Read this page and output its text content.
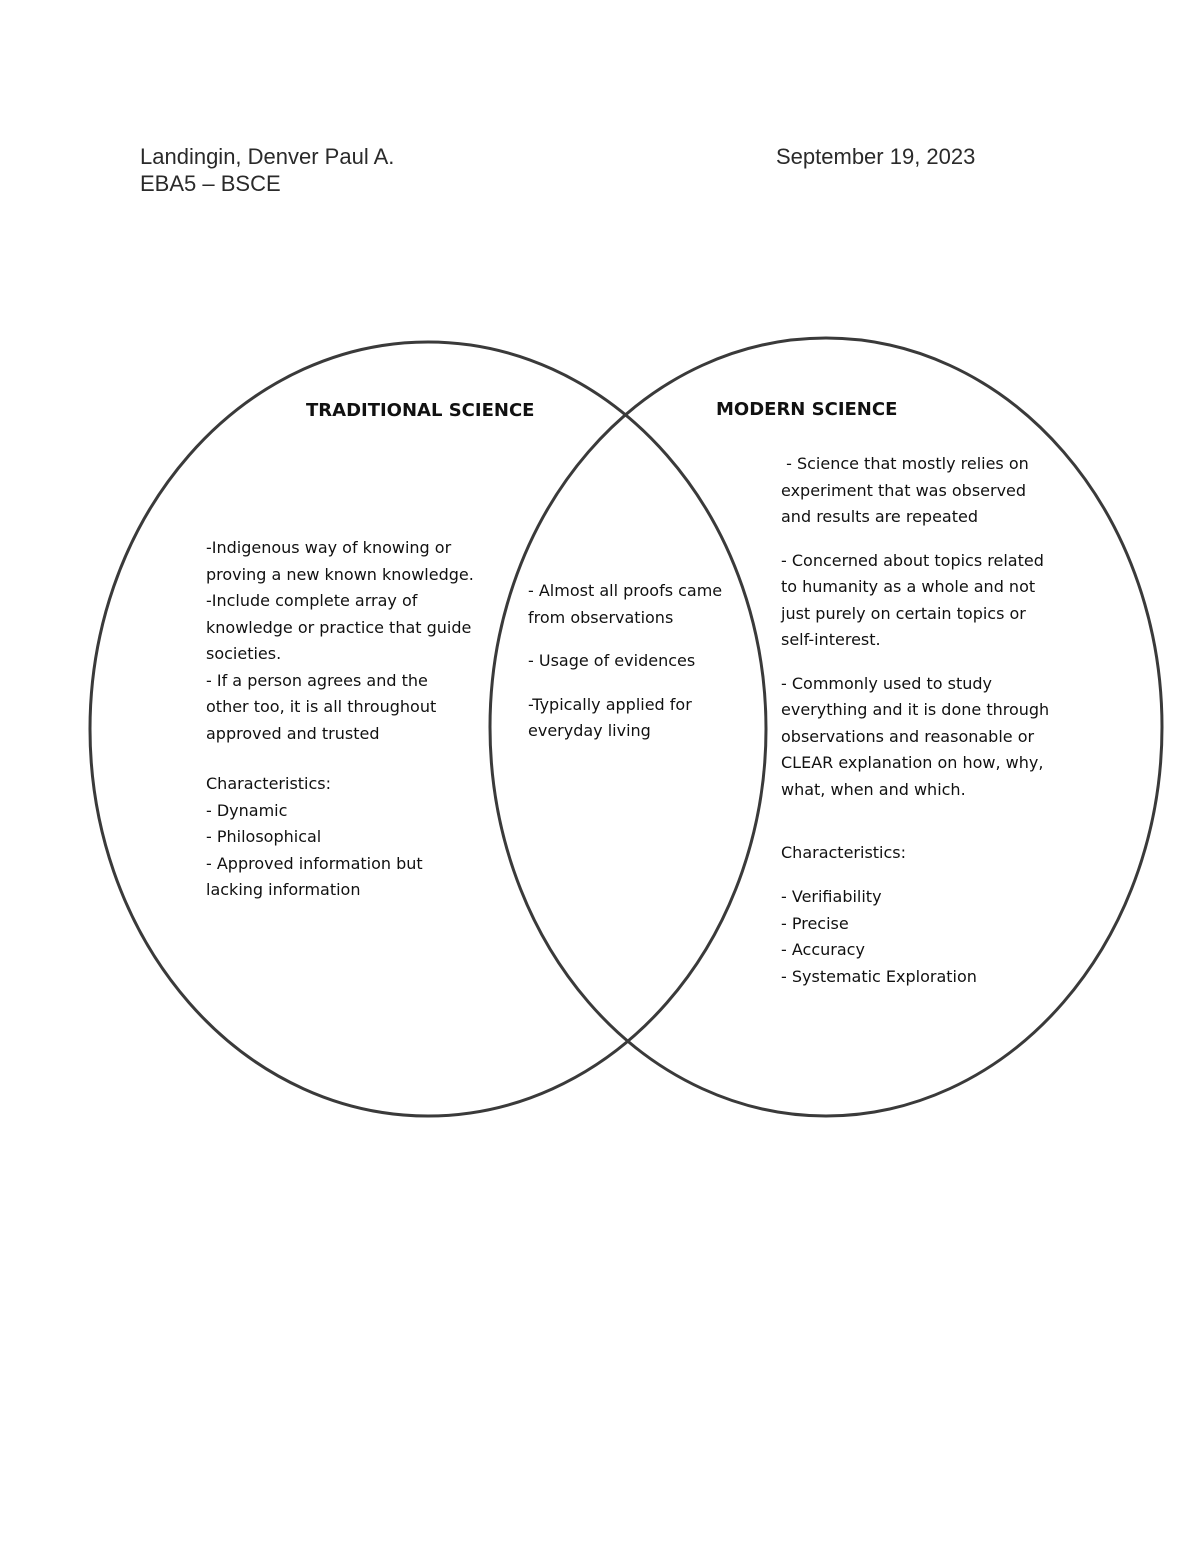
Landingin, Denver Paul A.
EBA5 – BSCE
September 19, 2023
TRADITIONAL SCIENCE	MODERN SCIENCE
-Indigenous way of knowing or
proving a new known knowledge.
-Include complete array of
knowledge or practice that guide
societies.
- If a person agrees and the
other too, it is all throughout
approved and trusted
Characteristics:
- Dynamic
- Philosophical
- Approved information but
lacking information
- Almost all proofs came
from observations
- Usage of evidences
-Typically applied for
everyday living
- Science that mostly relies on
experiment that was observed
and results are repeated
- Concerned about topics related
to humanity as a whole and not
just purely on certain topics or
self-interest.
- Commonly used to study
everything and it is done through
observations and reasonable or
CLEAR explanation on how, why,
what, when and which.
Characteristics:
- Verifiability
- Precise
- Accuracy
- Systematic Exploration
